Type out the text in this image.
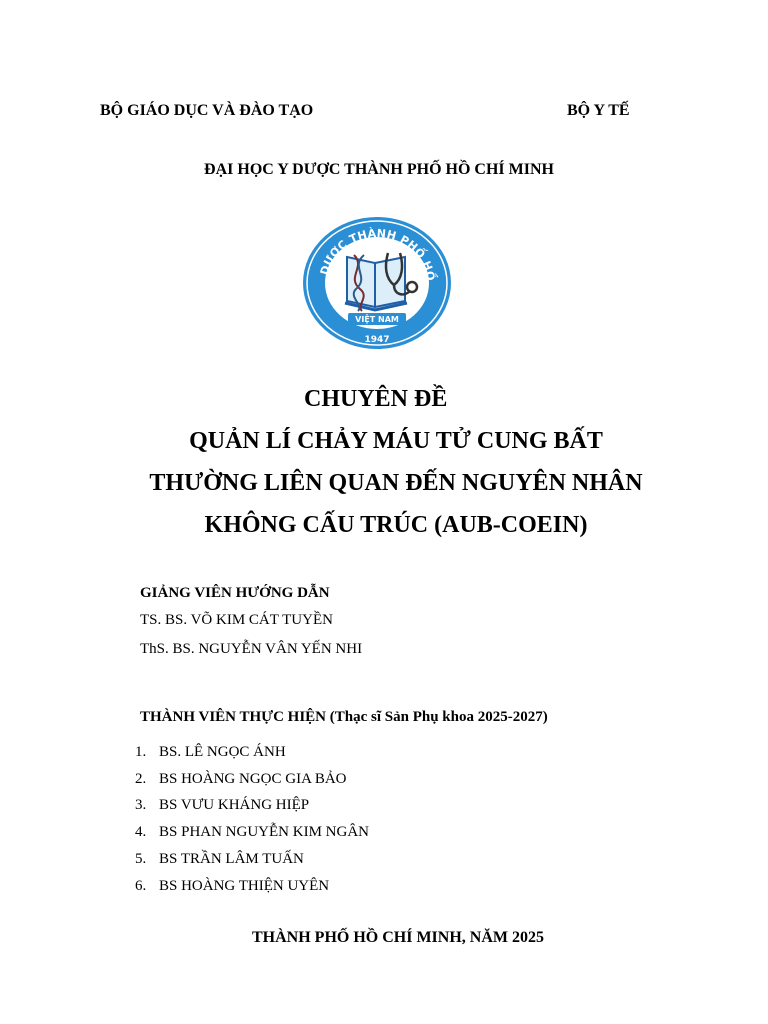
BỘ GIÁO DỤC VÀ ĐÀO TẠO	BỘ Y TẾ
ĐẠI HỌC Y DƯỢC THÀNH PHỐ HỒ CHÍ MINH
DƯỢC THÀNH PHỐ HỒ
VIỆT NAM
1947
CHUYÊN ĐỀ
QUẢN LÍ CHẢY MÁU TỬ CUNG BẤT
THƯỜNG LIÊN QUAN ĐẾN NGUYÊN NHÂN
KHÔNG CẤU TRÚC (AUB-COEIN)
GIẢNG VIÊN HƯỚNG DẪN
TS. BS. VÕ KIM CÁT TUYỀN
ThS. BS. NGUYỄN VÂN YẾN NHI
THÀNH VIÊN THỰC HIỆN (Thạc sĩ Sản Phụ khoa 2025-2027)
1. BS. LÊ NGỌC ÁNH
2. BS HOÀNG NGỌC GIA BẢO
3. BS VƯU KHÁNG HIỆP
4. BS PHAN NGUYỄN KIM NGÂN
5. BS TRẦN LÂM TUẤN
6. BS HOÀNG THIỆN UYÊN
THÀNH PHỐ HỒ CHÍ MINH, NĂM 2025
